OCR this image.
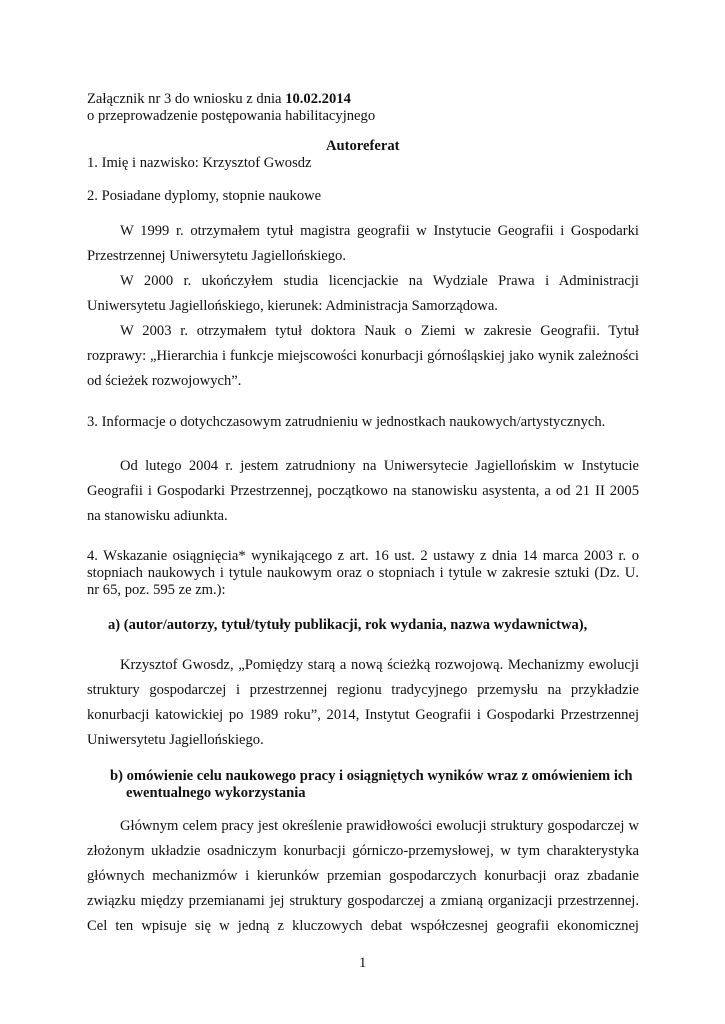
Załącznik nr 3 do wniosku z dnia 10.02.2014
o przeprowadzenie postępowania habilitacyjnego
Autoreferat
1. Imię i nazwisko: Krzysztof Gwosdz
2. Posiadane dyplomy, stopnie naukowe
W 1999 r. otrzymałem tytuł magistra geografii w Instytucie Geografii i Gospodarki
Przestrzennej Uniwersytetu Jagiellońskiego.
W 2000 r. ukończyłem studia licencjackie na Wydziale Prawa i Administracji
Uniwersytetu Jagiellońskiego, kierunek: Administracja Samorządowa.
W 2003 r. otrzymałem tytuł doktora Nauk o Ziemi w zakresie Geografii. Tytuł
rozprawy: „Hierarchia i funkcje miejscowości konurbacji górnośląskiej jako wynik zależności
od ścieżek rozwojowych”.
3. Informacje o dotychczasowym zatrudnieniu w jednostkach naukowych/artystycznych.
Od lutego 2004 r. jestem zatrudniony na Uniwersytecie Jagiellońskim w Instytucie
Geografii i Gospodarki Przestrzennej, początkowo na stanowisku asystenta, a od 21 II 2005
na stanowisku adiunkta.
4. Wskazanie osiągnięcia* wynikającego z art. 16 ust. 2 ustawy z dnia 14 marca 2003 r. o
stopniach naukowych i tytule naukowym oraz o stopniach i tytule w zakresie sztuki (Dz. U.
nr 65, poz. 595 ze zm.):
a) (autor/autorzy, tytuł/tytuły publikacji, rok wydania, nazwa wydawnictwa),
Krzysztof Gwosdz, „Pomiędzy starą a nową ścieżką rozwojową. Mechanizmy ewolucji
struktury gospodarczej i przestrzennej regionu tradycyjnego przemysłu na przykładzie
konurbacji katowickiej po 1989 roku”, 2014, Instytut Geografii i Gospodarki Przestrzennej
Uniwersytetu Jagiellońskiego.
b) omówienie celu naukowego pracy i osiągniętych wyników wraz z omówieniem ich
ewentualnego wykorzystania
Głównym celem pracy jest określenie prawidłowości ewolucji struktury gospodarczej w
złożonym układzie osadniczym konurbacji górniczo-przemysłowej, w tym charakterystyka
głównych mechanizmów i kierunków przemian gospodarczych konurbacji oraz zbadanie
związku między przemianami jej struktury gospodarczej a zmianą organizacji przestrzennej.
Cel ten wpisuje się w jedną z kluczowych debat współczesnej geografii ekonomicznej
1
